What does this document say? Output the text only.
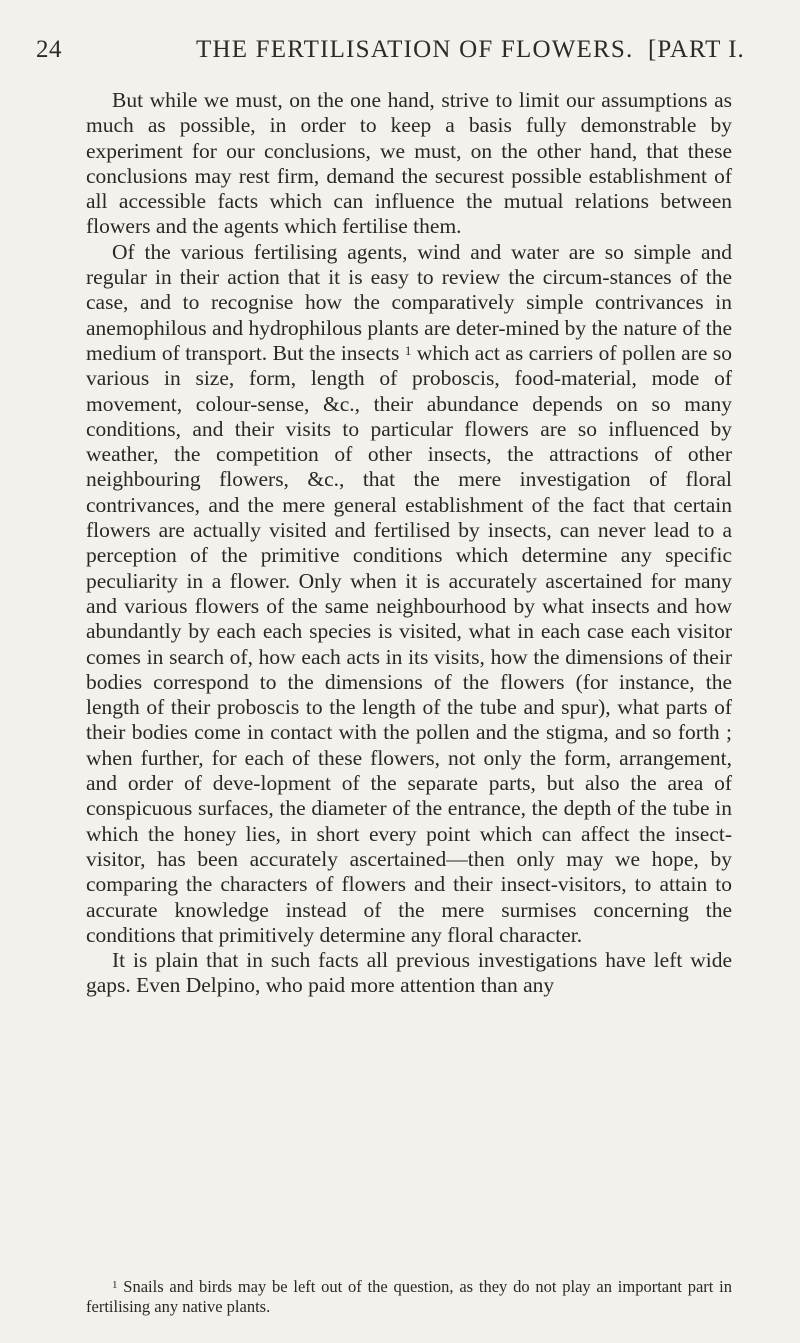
24	THE FERTILISATION OF FLOWERS. [PART I.

But while we must, on the one hand, strive to limit our assumptions as much as possible, in order to keep a basis fully demonstrable by experiment for our conclusions, we must, on the other hand, that these conclusions may rest firm, demand the securest possible establishment of all accessible facts which can influence the mutual relations between flowers and the agents which fertilise them.

Of the various fertilising agents, wind and water are so simple and regular in their action that it is easy to review the circum-stances of the case, and to recognise how the comparatively simple contrivances in anemophilous and hydrophilous plants are deter-mined by the nature of the medium of transport. But the insects $^1$ which act as carriers of pollen are so various in size, form, length of proboscis, food-material, mode of movement, colour-sense, &c., their abundance depends on so many conditions, and their visits to particular flowers are so influenced by weather, the competition of other insects, the attractions of other neighbouring flowers, &c., that the mere investigation of floral contrivances, and the mere general establishment of the fact that certain flowers are actually visited and fertilised by insects, can never lead to a perception of the primitive conditions which determine any specific peculiarity in a flower. Only when it is accurately ascertained for many and various flowers of the same neighbourhood by what insects and how abundantly by each each species is visited, what in each case each visitor comes in search of, how each acts in its visits, how the dimensions of their bodies correspond to the dimensions of the flowers (for instance, the length of their proboscis to the length of the tube and spur), what parts of their bodies come in contact with the pollen and the stigma, and so forth ; when further, for each of these flowers, not only the form, arrangement, and order of deve-lopment of the separate parts, but also the area of conspicuous surfaces, the diameter of the entrance, the depth of the tube in which the honey lies, in short every point which can affect the insect-visitor, has been accurately ascertained—then only may we hope, by comparing the characters of flowers and their insect-visitors, to attain to accurate knowledge instead of the mere surmises concerning the conditions that primitively determine any floral character.

It is plain that in such facts all previous investigations have left wide gaps. Even Delpino, who paid more attention than any

$^1$ Snails and birds may be left out of the question, as they do not play an important part in fertilising any native plants.
